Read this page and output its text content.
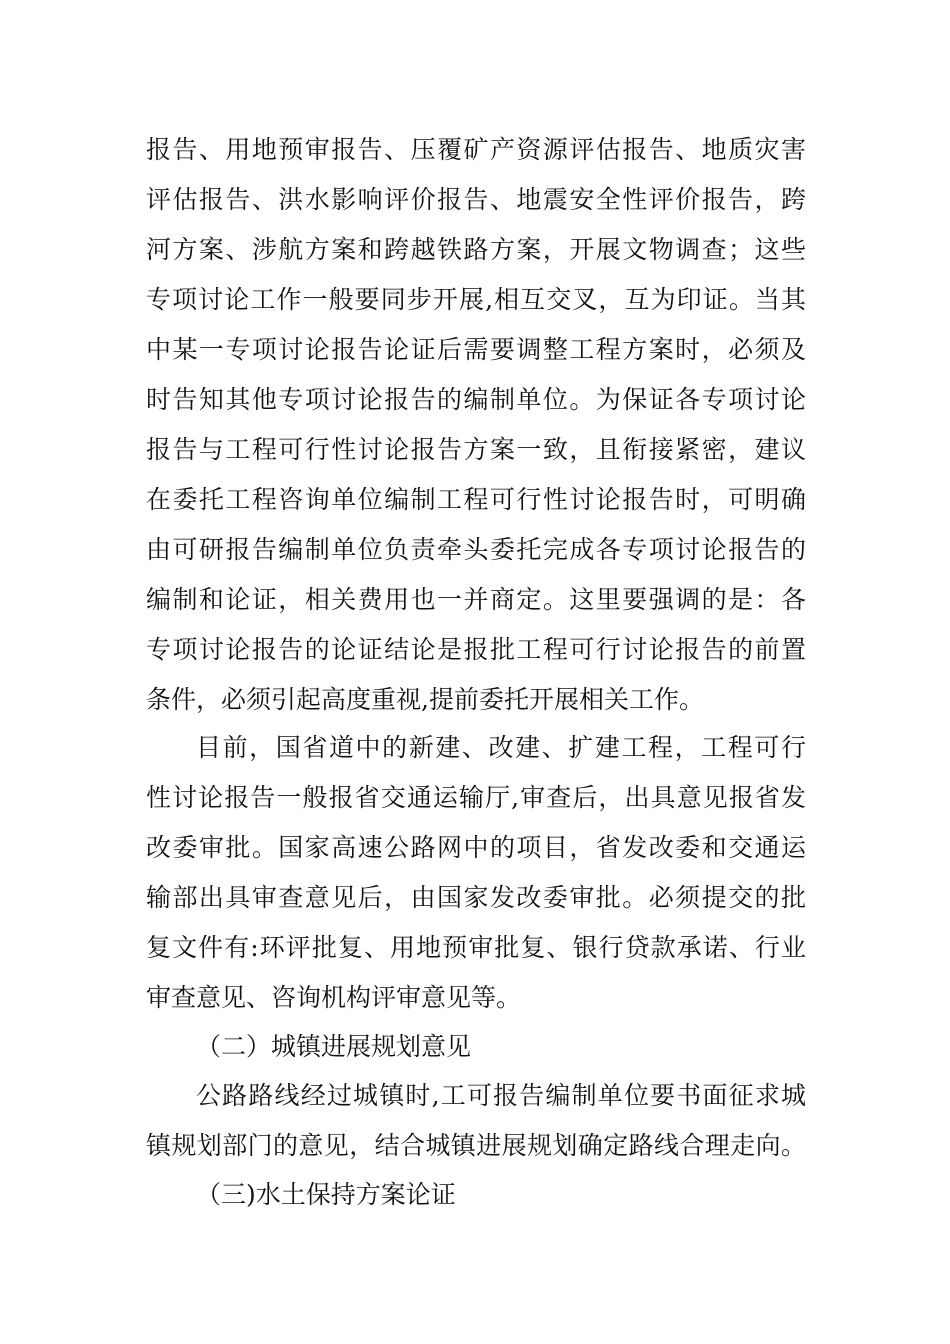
报告、用地预审报告、压覆矿产资源评估报告、地质灾害
评估报告、洪水影响评价报告、地震安全性评价报告，跨
河方案、涉航方案和跨越铁路方案，开展文物调查；这些
专项讨论工作一般要同步开展,相互交叉，互为印证。当其
中某一专项讨论报告论证后需要调整工程方案时，必须及
时告知其他专项讨论报告的编制单位。为保证各专项讨论
报告与工程可行性讨论报告方案一致，且衔接紧密，建议
在委托工程咨询单位编制工程可行性讨论报告时，可明确
由可研报告编制单位负责牵头委托完成各专项讨论报告的
编制和论证，相关费用也一并商定。这里要强调的是：各
专项讨论报告的论证结论是报批工程可行讨论报告的前置
条件，必须引起高度重视,提前委托开展相关工作。
目前，国省道中的新建、改建、扩建工程，工程可行
性讨论报告一般报省交通运输厅,审查后，出具意见报省发
改委审批。国家高速公路网中的项目，省发改委和交通运
输部出具审查意见后，由国家发改委审批。必须提交的批
复文件有:环评批复、用地预审批复、银行贷款承诺、行业
审查意见、咨询机构评审意见等。
（二）城镇进展规划意见
公路路线经过城镇时,工可报告编制单位要书面征求城
镇规划部门的意见，结合城镇进展规划确定路线合理走向。
（三)水土保持方案论证
